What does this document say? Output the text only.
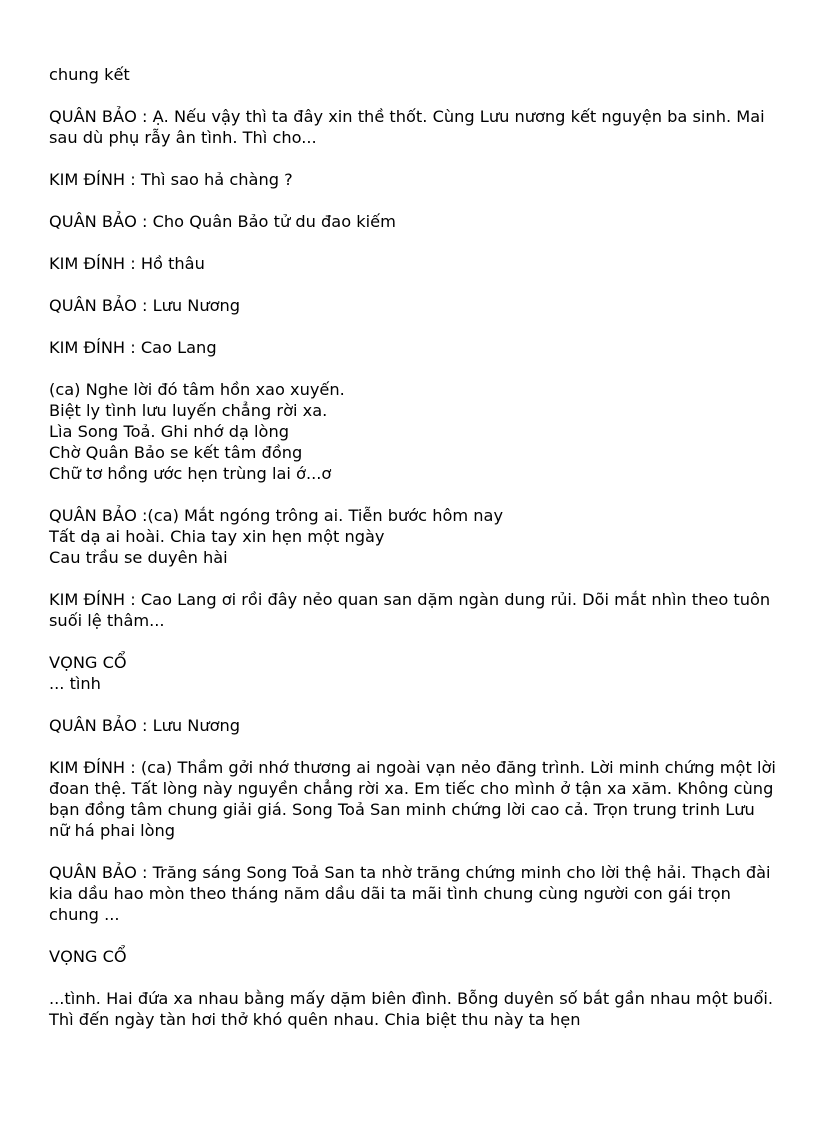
chung kết

QUÂN BẢO : Ạ. Nếu vậy thì ta đây xin thề thốt. Cùng Lưu nương kết nguyện ba sinh. Mai sau dù phụ rẫy ân tình. Thì cho...

KIM ĐÍNH : Thì sao hả chàng ?

QUÂN BẢO : Cho Quân Bảo tử du đao kiếm

KIM ĐÍNH : Hồ thâu

QUÂN BẢO : Lưu Nương

KIM ĐÍNH : Cao Lang

(ca) Nghe lời đó tâm hồn xao xuyến.
Biệt ly tình lưu luyến chẳng rời xa.
Lìa Song Toả. Ghi nhớ dạ lòng
Chờ Quân Bảo se kết tâm đồng
Chữ tơ hồng ước hẹn trùng lai ớ...ơ

QUÂN BẢO :(ca) Mắt ngóng trông ai. Tiễn bước hôm nay
Tất dạ ai hoài. Chia tay xin hẹn một ngày
Cau trầu se duyên hài

KIM ĐÍNH : Cao Lang ơi rồi đây nẻo quan san dặm ngàn dung rủi. Dõi mắt nhìn theo tuôn suối lệ thâm...

VỌNG CỔ
... tình

QUÂN BẢO : Lưu Nương

KIM ĐÍNH : (ca) Thầm gởi nhớ thương ai ngoài vạn nẻo đăng trình. Lời minh chứng một lời đoan thệ. Tất lòng này nguyền chẳng rời xa. Em tiếc cho mình ở tận xa xăm. Không cùng bạn đồng tâm chung giải giá. Song Toả San minh chứng lời cao cả. Trọn trung trinh Lưu nữ há phai lòng

QUÂN BẢO : Trăng sáng Song Toả San ta nhờ trăng chứng minh cho lời thệ hải. Thạch đài kia dầu hao mòn theo tháng năm dầu dãi ta mãi tình chung cùng người con gái trọn chung ...

VỌNG CỔ

...tình. Hai đứa xa nhau bằng mấy dặm biên đình. Bỗng duyên số bắt gần nhau một buổi. Thì đến ngày tàn hơi thở khó quên nhau. Chia biệt thu này ta hẹn
